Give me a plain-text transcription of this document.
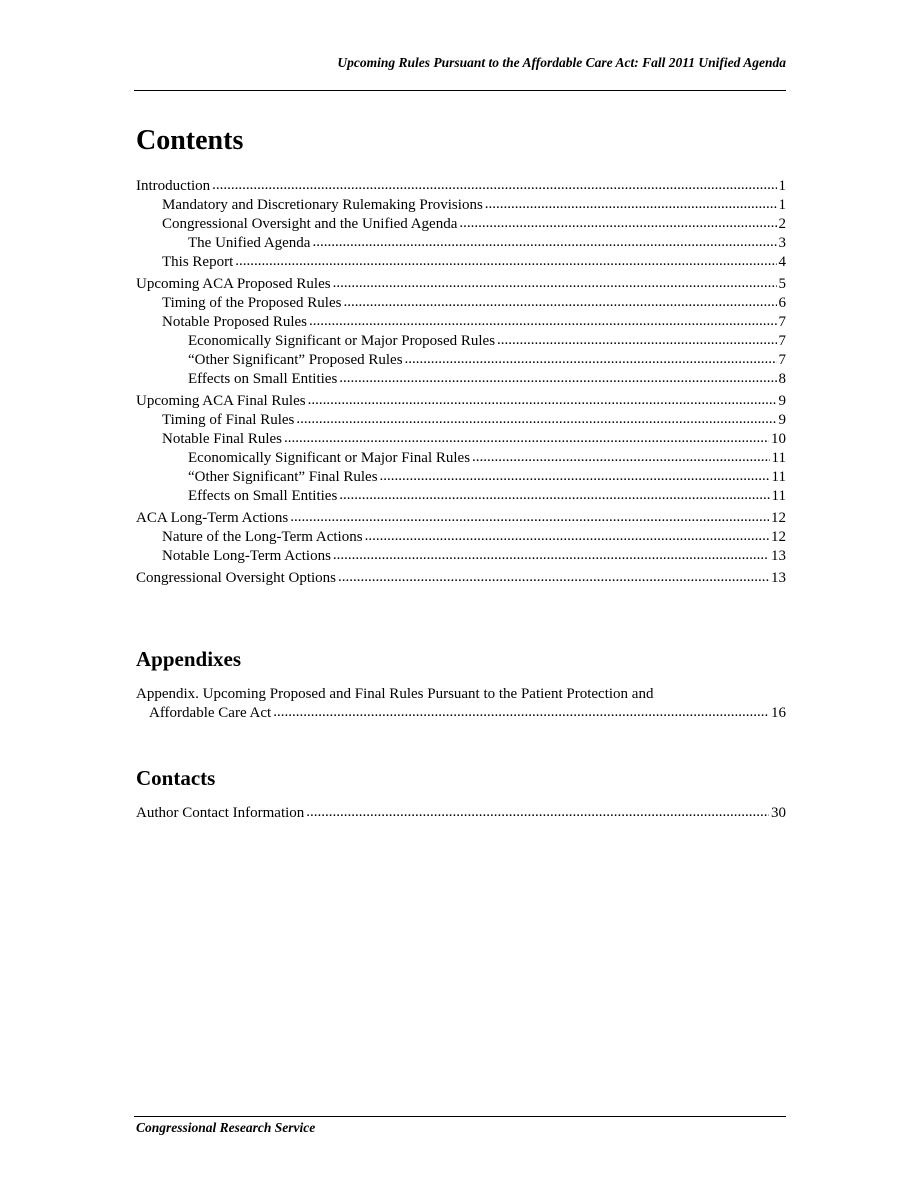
Upcoming Rules Pursuant to the Affordable Care Act: Fall 2011 Unified Agenda
Contents
Introduction .....	1
Mandatory and Discretionary Rulemaking Provisions .....	1
Congressional Oversight and the Unified Agenda .....	2
The Unified Agenda .....	3
This Report .....	4
Upcoming ACA Proposed Rules .....	5
Timing of the Proposed Rules .....	6
Notable Proposed Rules .....	7
Economically Significant or Major Proposed Rules .....	7
“Other Significant” Proposed Rules .....	7
Effects on Small Entities .....	8
Upcoming ACA Final Rules .....	9
Timing of Final Rules .....	9
Notable Final Rules .....	10
Economically Significant or Major Final Rules .....	11
“Other Significant” Final Rules .....	11
Effects on Small Entities .....	11
ACA Long-Term Actions .....	12
Nature of the Long-Term Actions .....	12
Notable Long-Term Actions .....	13
Congressional Oversight Options .....	13
Appendixes
Appendix. Upcoming Proposed and Final Rules Pursuant to the Patient Protection and
Affordable Care Act .....	16
Contacts
Author Contact Information .....	30
Congressional Research Service
